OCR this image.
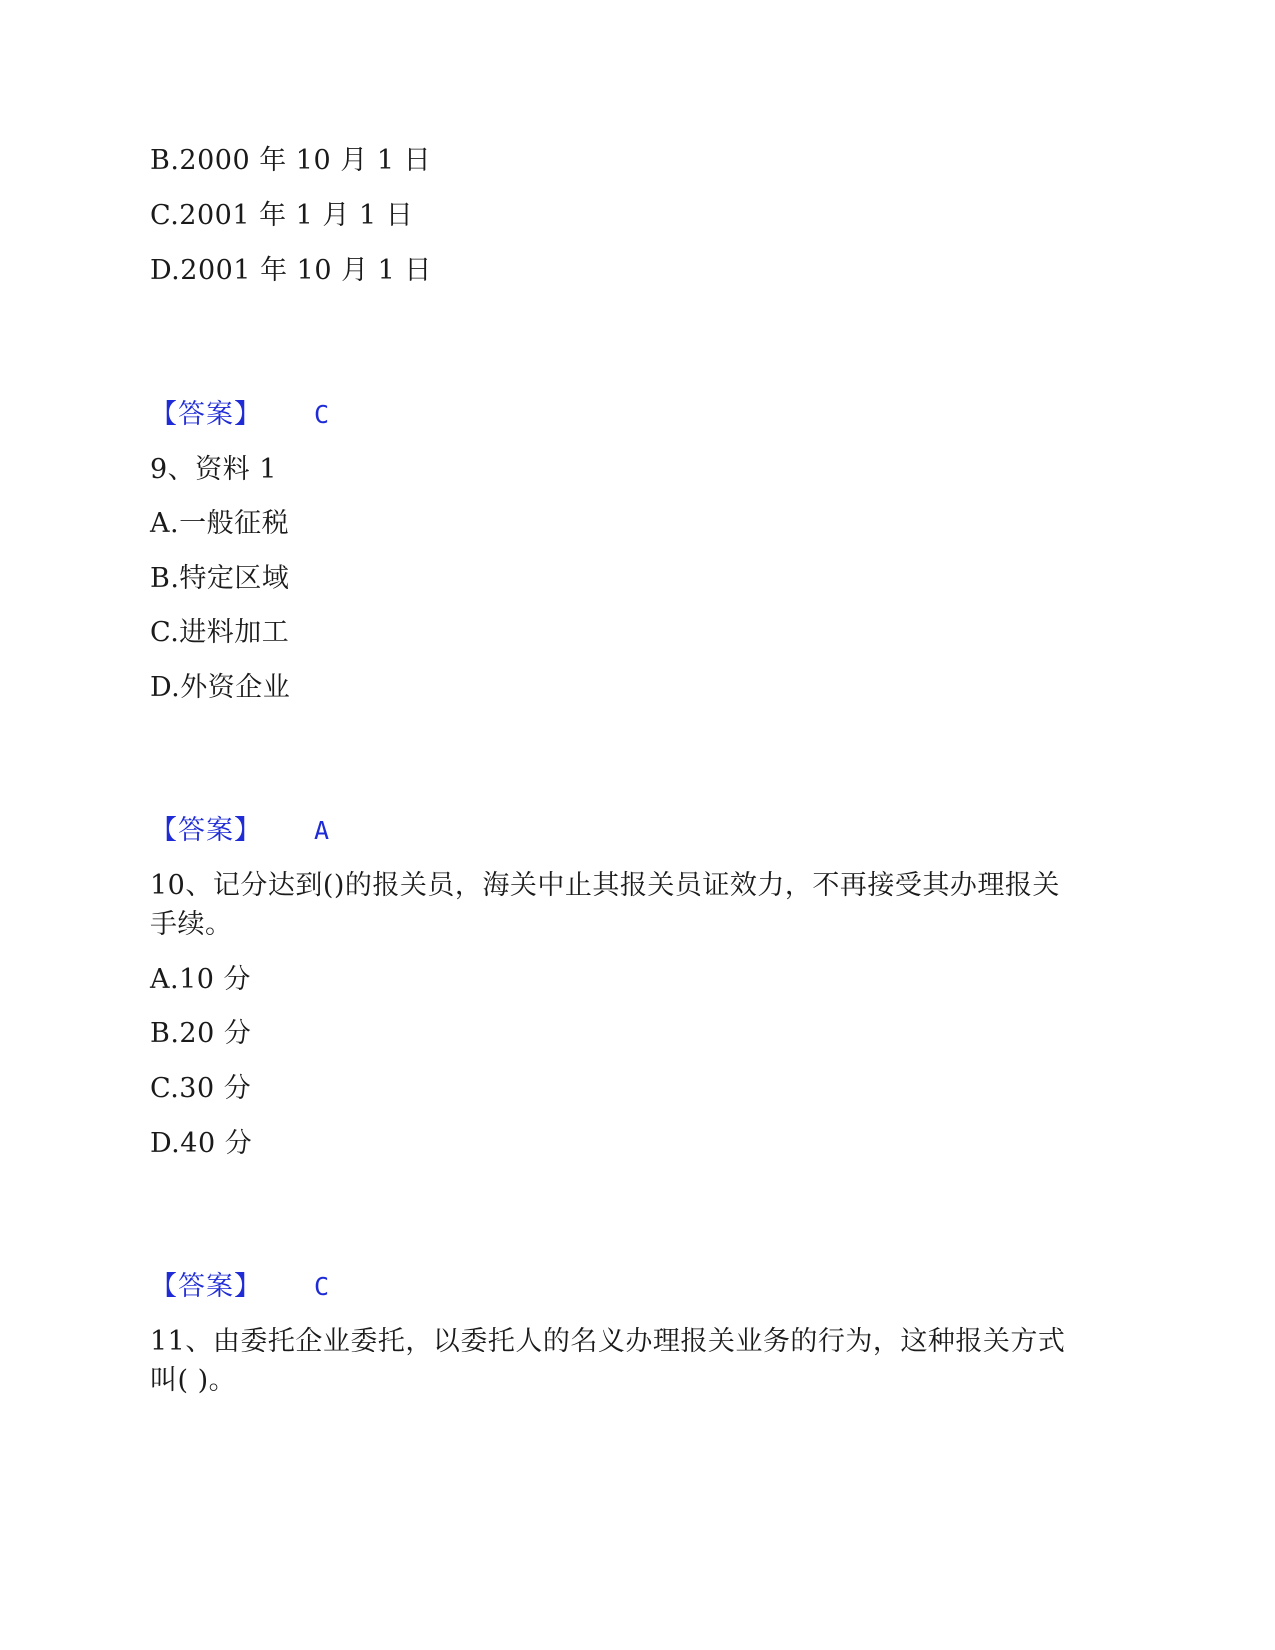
B.2000 年 10 月 1 日
C.2001 年 1 月 1 日
D.2001 年 10 月 1 日
【答案】 C
9、资料 1
A.一般征税
B.特定区域
C.进料加工
D.外资企业
【答案】 A
10、记分达到()的报关员，海关中止其报关员证效力，不再接受其办理报关
手续。
A.10 分
B.20 分
C.30 分
D.40 分
【答案】 C
11、由委托企业委托，以委托人的名义办理报关业务的行为，这种报关方式
叫( )。
